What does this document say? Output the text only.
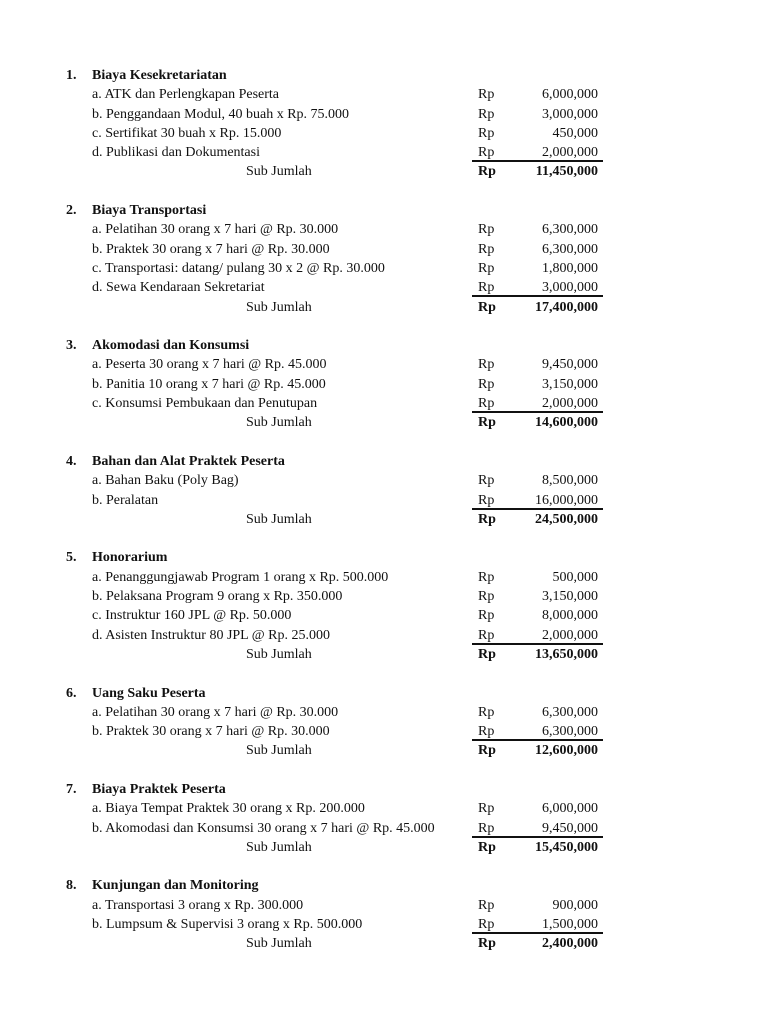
1. Biaya Kesekretariatan
a. ATK dan Perlengkapan Peserta	Rp	6,000,000
b. Penggandaan Modul, 40 buah x Rp. 75.000	Rp	3,000,000
c. Sertifikat 30 buah x Rp. 15.000	Rp	450,000
d. Publikasi dan Dokumentasi	Rp	2,000,000
Sub Jumlah	Rp	11,450,000
2. Biaya Transportasi
a. Pelatihan 30 orang x 7 hari @ Rp. 30.000	Rp	6,300,000
b. Praktek 30 orang x 7 hari @ Rp. 30.000	Rp	6,300,000
c. Transportasi: datang/ pulang 30 x 2 @ Rp. 30.000	Rp	1,800,000
d. Sewa Kendaraan Sekretariat	Rp	3,000,000
Sub Jumlah	Rp	17,400,000
3. Akomodasi dan Konsumsi
a. Peserta 30 orang x 7 hari @ Rp. 45.000	Rp	9,450,000
b. Panitia 10 orang x 7 hari @ Rp. 45.000	Rp	3,150,000
c. Konsumsi Pembukaan dan Penutupan	Rp	2,000,000
Sub Jumlah	Rp	14,600,000
4. Bahan dan Alat Praktek Peserta
a. Bahan Baku (Poly Bag)	Rp	8,500,000
b. Peralatan	Rp	16,000,000
Sub Jumlah	Rp	24,500,000
5. Honorarium
a. Penanggungjawab Program 1 orang x Rp. 500.000	Rp	500,000
b. Pelaksana Program 9 orang x Rp. 350.000	Rp	3,150,000
c. Instruktur 160 JPL @ Rp. 50.000	Rp	8,000,000
d. Asisten Instruktur 80 JPL @ Rp. 25.000	Rp	2,000,000
Sub Jumlah	Rp	13,650,000
6. Uang Saku Peserta
a. Pelatihan 30 orang x 7 hari @ Rp. 30.000	Rp	6,300,000
b. Praktek 30 orang x 7 hari @ Rp. 30.000	Rp	6,300,000
Sub Jumlah	Rp	12,600,000
7. Biaya Praktek Peserta
a. Biaya Tempat Praktek 30 orang x Rp. 200.000	Rp	6,000,000
b. Akomodasi dan Konsumsi 30 orang x 7 hari @ Rp. 45.000	Rp	9,450,000
Sub Jumlah	Rp	15,450,000
8. Kunjungan dan Monitoring
a. Transportasi 3 orang x Rp. 300.000	Rp	900,000
b. Lumpsum & Supervisi 3 orang x Rp. 500.000	Rp	1,500,000
Sub Jumlah	Rp	2,400,000
